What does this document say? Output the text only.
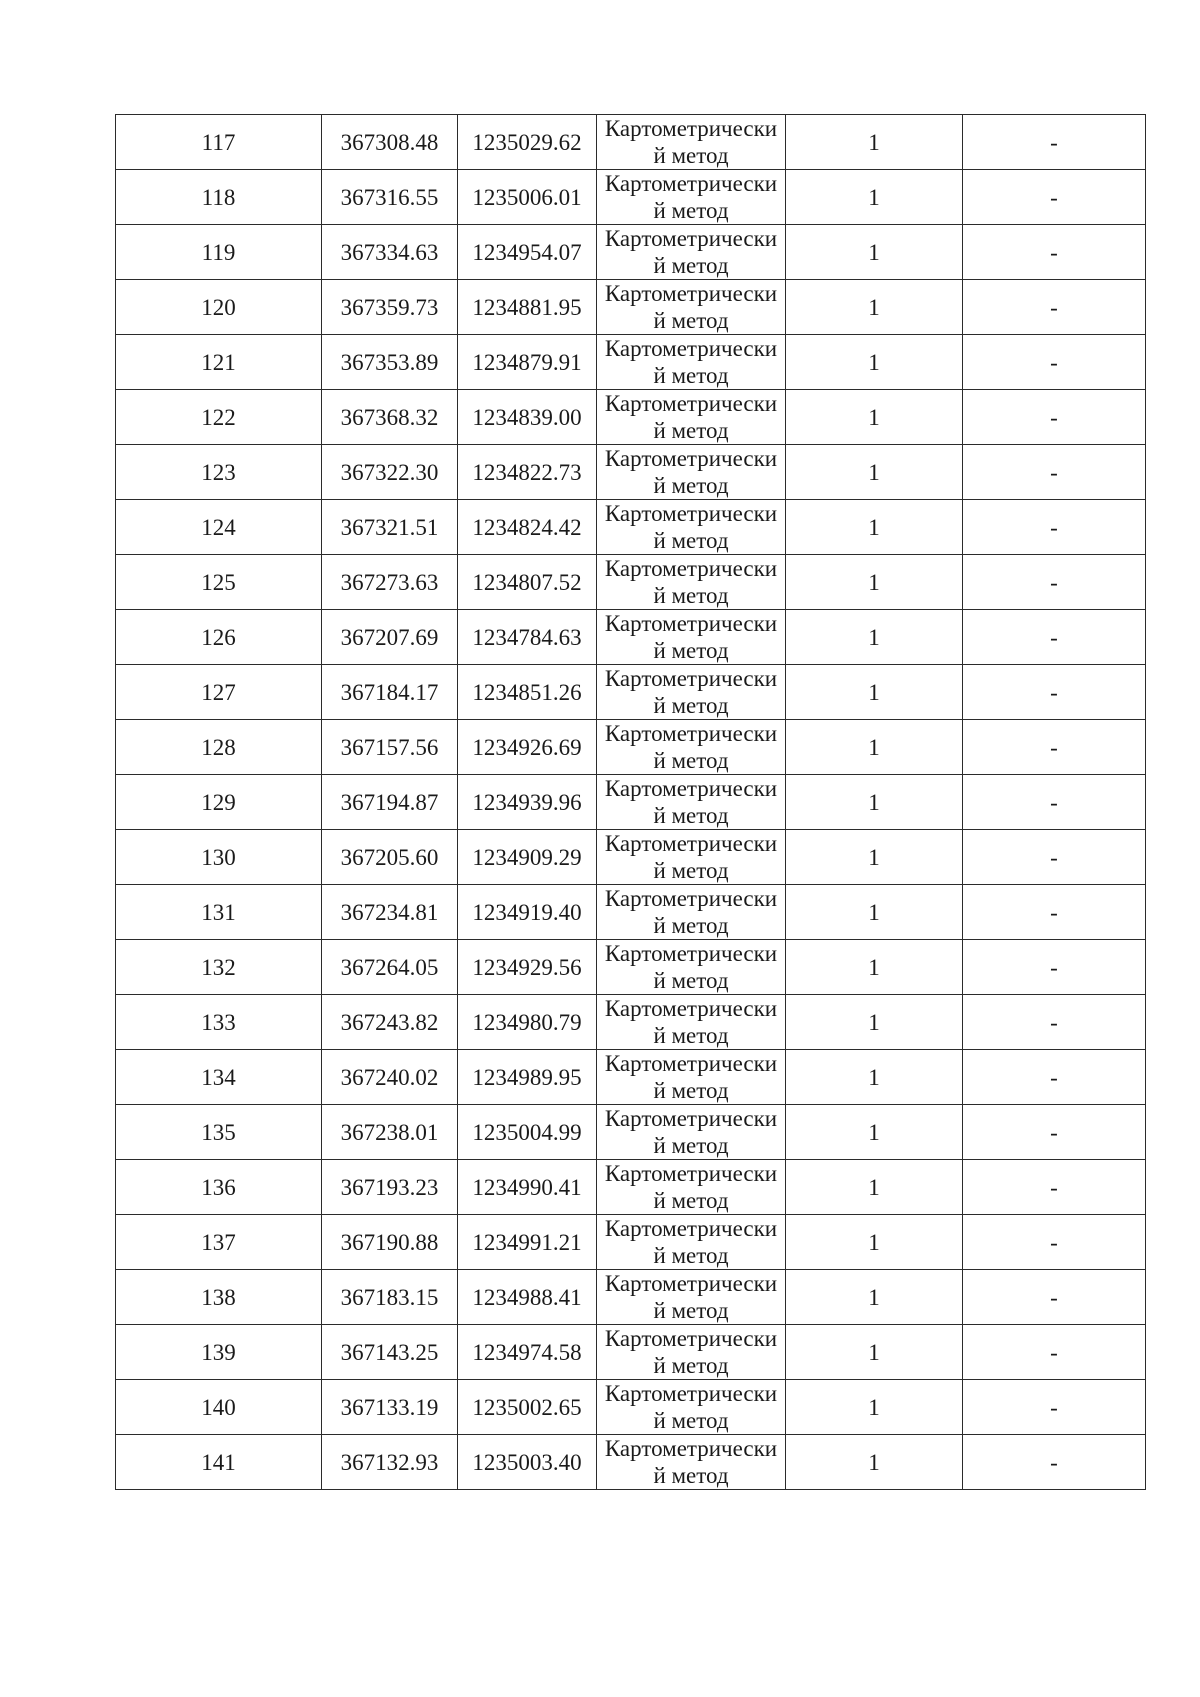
117	367308.48	1235029.62	Картометрически
й метод	1	-
118	367316.55	1235006.01	Картометрически
й метод	1	-
119	367334.63	1234954.07	Картометрически
й метод	1	-
120	367359.73	1234881.95	Картометрически
й метод	1	-
121	367353.89	1234879.91	Картометрически
й метод	1	-
122	367368.32	1234839.00	Картометрически
й метод	1	-
123	367322.30	1234822.73	Картометрически
й метод	1	-
124	367321.51	1234824.42	Картометрически
й метод	1	-
125	367273.63	1234807.52	Картометрически
й метод	1	-
126	367207.69	1234784.63	Картометрически
й метод	1	-
127	367184.17	1234851.26	Картометрически
й метод	1	-
128	367157.56	1234926.69	Картометрически
й метод	1	-
129	367194.87	1234939.96	Картометрически
й метод	1	-
130	367205.60	1234909.29	Картометрически
й метод	1	-
131	367234.81	1234919.40	Картометрически
й метод	1	-
132	367264.05	1234929.56	Картометрически
й метод	1	-
133	367243.82	1234980.79	Картометрически
й метод	1	-
134	367240.02	1234989.95	Картометрически
й метод	1	-
135	367238.01	1235004.99	Картометрически
й метод	1	-
136	367193.23	1234990.41	Картометрически
й метод	1	-
137	367190.88	1234991.21	Картометрически
й метод	1	-
138	367183.15	1234988.41	Картометрически
й метод	1	-
139	367143.25	1234974.58	Картометрически
й метод	1	-
140	367133.19	1235002.65	Картометрически
й метод	1	-
141	367132.93	1235003.40	Картометрически
й метод	1	-
